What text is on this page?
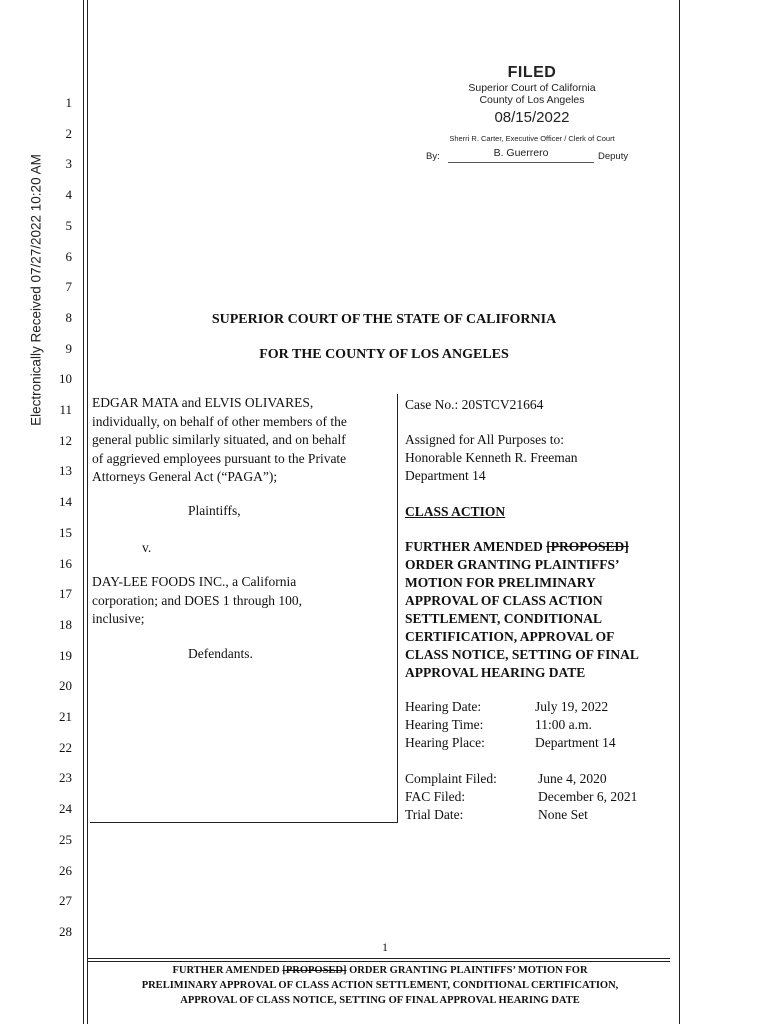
Electronically Received 07/27/2022 10:20 AM
1
2
3
4
5
6
7
8
9
10
11
12
13
14
15
16
17
18
19
20
21
22
23
24
25
26
27
28
FILED
Superior Court of California
County of Los Angeles
08/15/2022
Sherri R. Carter, Executive Officer / Clerk of Court
By:	B. Guerrero	Deputy
SUPERIOR COURT OF THE STATE OF CALIFORNIA
FOR THE COUNTY OF LOS ANGELES
EDGAR MATA and ELVIS OLIVARES,
individually, on behalf of other members of the
general public similarly situated, and on behalf
of aggrieved employees pursuant to the Private
Attorneys General Act (“PAGA”);
Plaintiffs,
v.
DAY-LEE FOODS INC., a California
corporation; and DOES 1 through 100,
inclusive;
Defendants.
Case No.: 20STCV21664
Assigned for All Purposes to:
Honorable Kenneth R. Freeman
Department 14
CLASS ACTION
FURTHER AMENDED [PROPOSED]
ORDER GRANTING PLAINTIFFS’
MOTION FOR PRELIMINARY
APPROVAL OF CLASS ACTION
SETTLEMENT, CONDITIONAL
CERTIFICATION, APPROVAL OF
CLASS NOTICE, SETTING OF FINAL
APPROVAL HEARING DATE
Hearing Date:	July 19, 2022
Hearing Time:	11:00 a.m.
Hearing Place:	Department 14
Complaint Filed:	June 4, 2020
FAC Filed:	December 6, 2021
Trial Date:	None Set
1
FURTHER AMENDED [PROPOSED] ORDER GRANTING PLAINTIFFS’ MOTION FOR
PRELIMINARY APPROVAL OF CLASS ACTION SETTLEMENT, CONDITIONAL CERTIFICATION,
APPROVAL OF CLASS NOTICE, SETTING OF FINAL APPROVAL HEARING DATE
